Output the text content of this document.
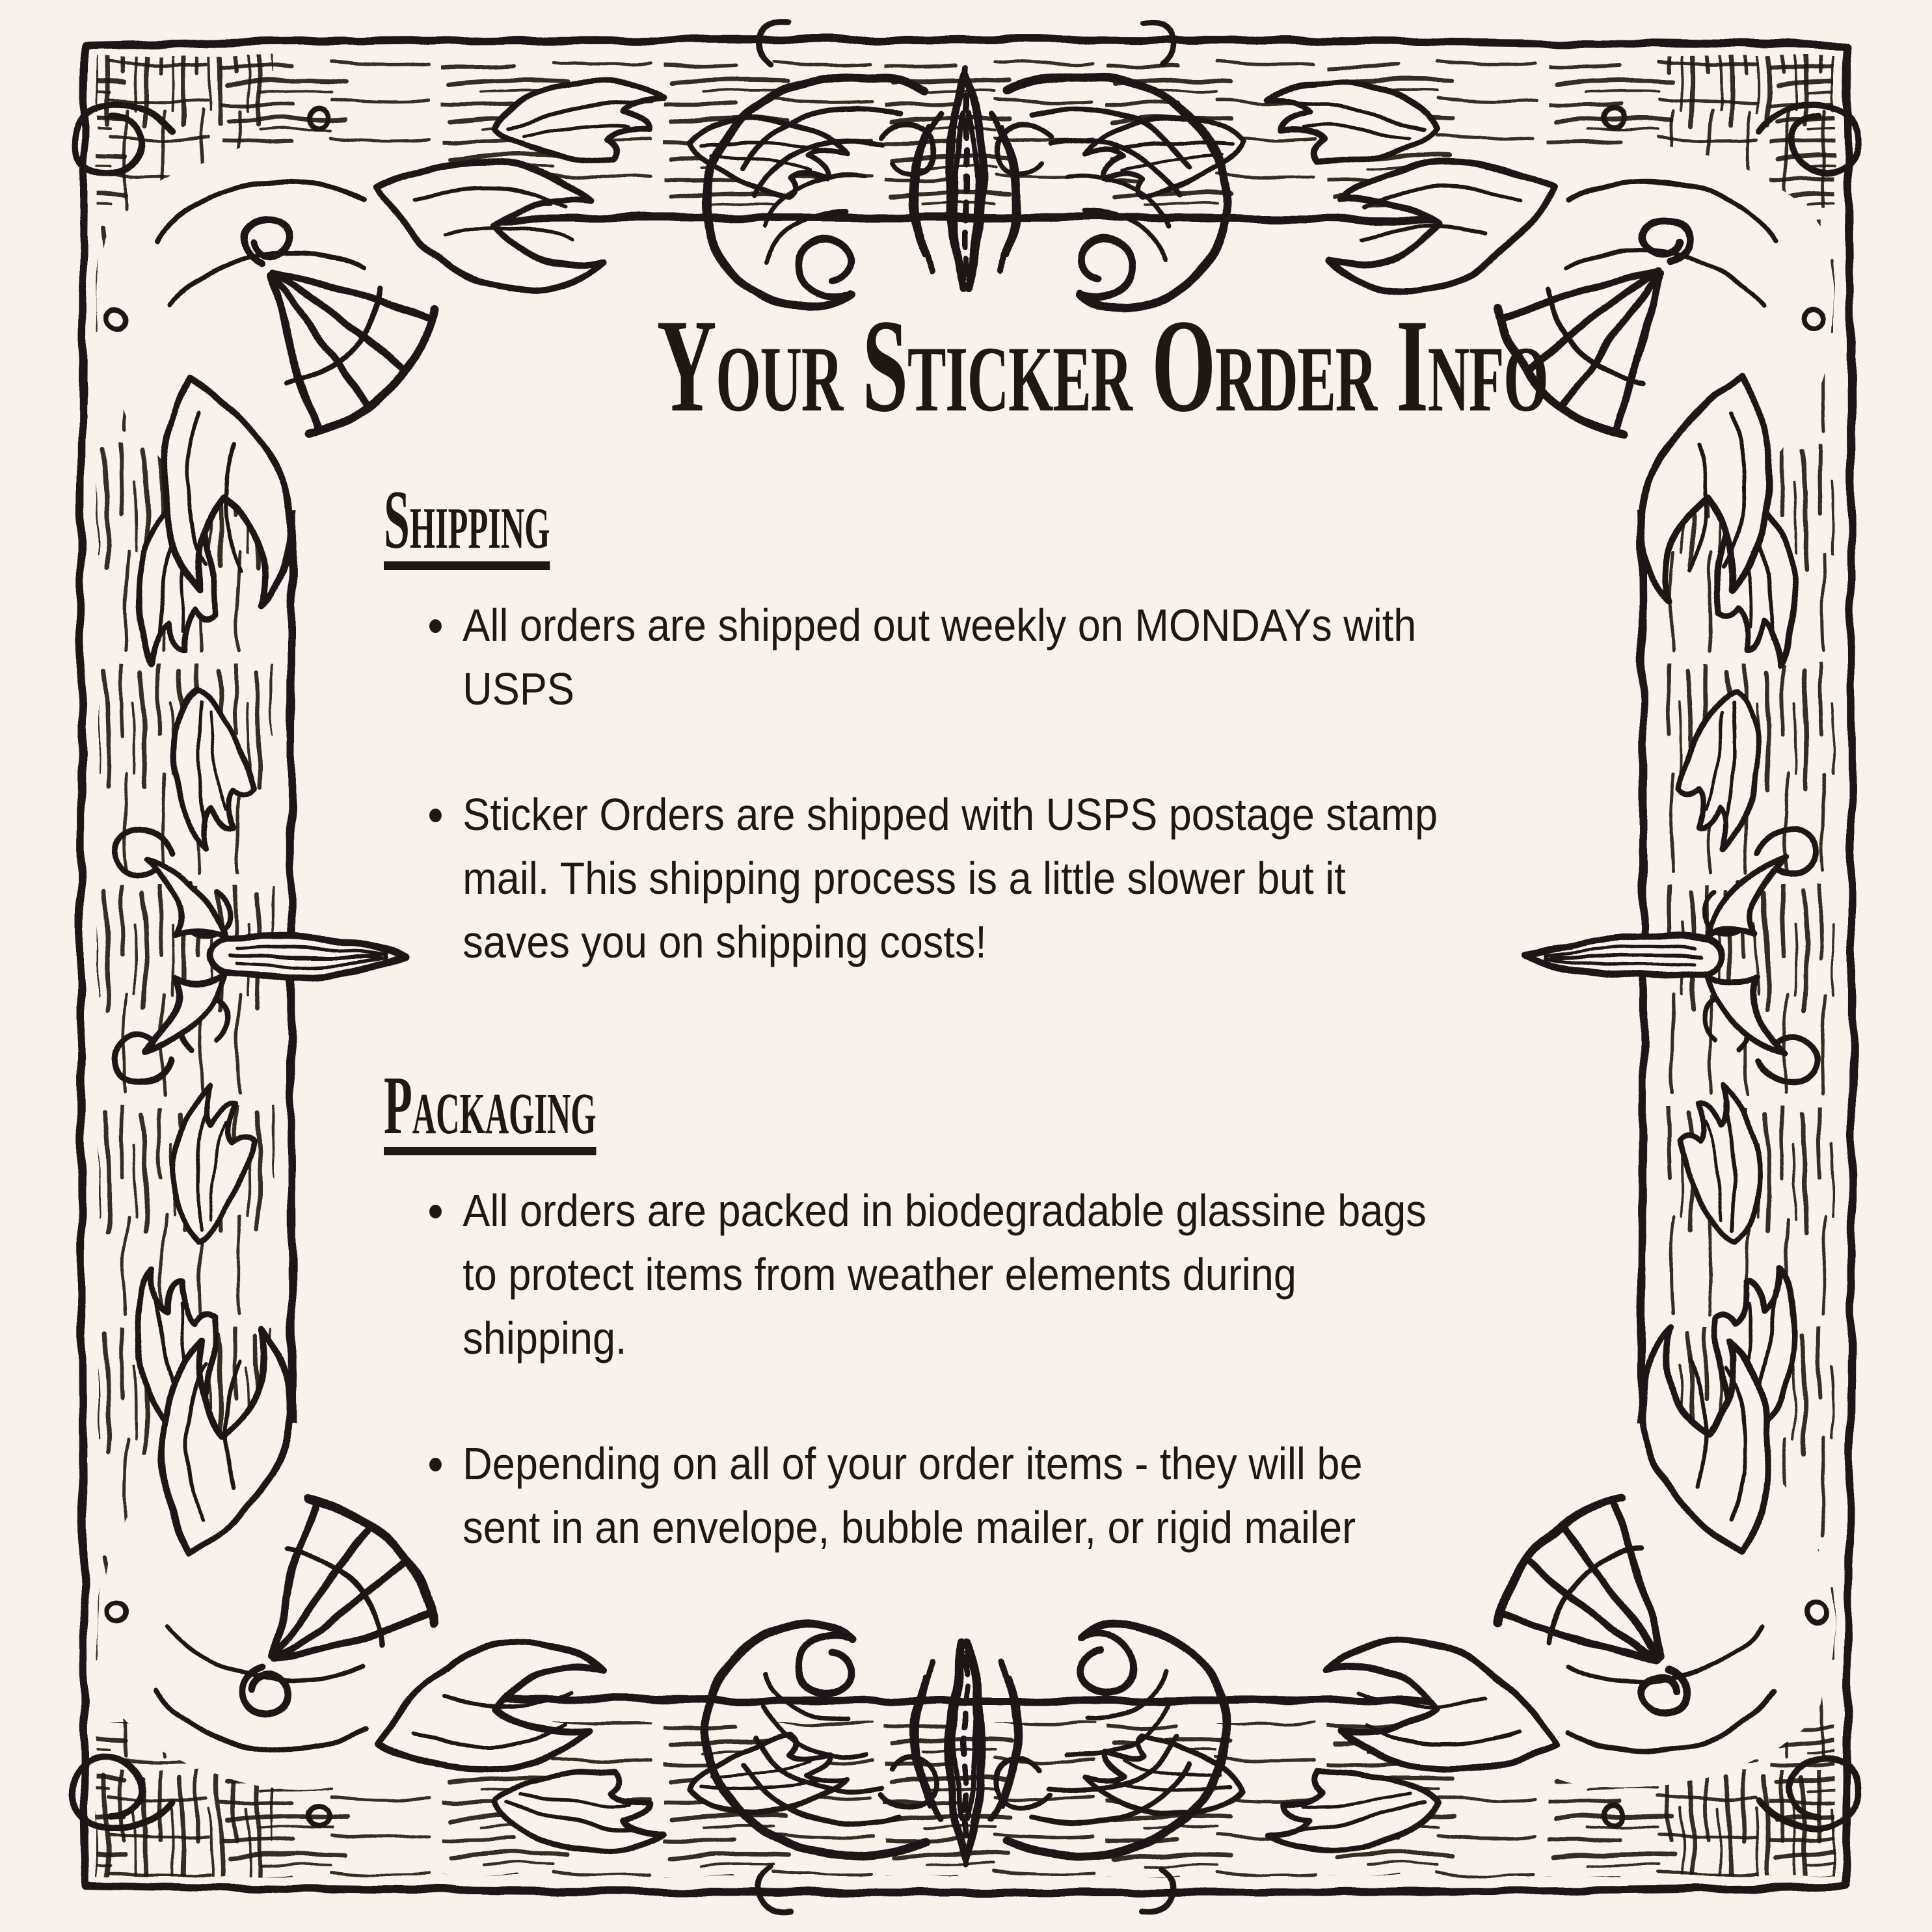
Your Sticker Order Info
Shipping
All orders are shipped out weekly on MONDAYs with
USPS
Sticker Orders are shipped with USPS postage stamp
mail. This shipping process is a little slower but it
saves you on shipping costs!
Packaging
All orders are packed in biodegradable glassine bags
to protect items from weather elements during
shipping.
Depending on all of your order items - they will be
sent in an envelope, bubble mailer, or rigid mailer
